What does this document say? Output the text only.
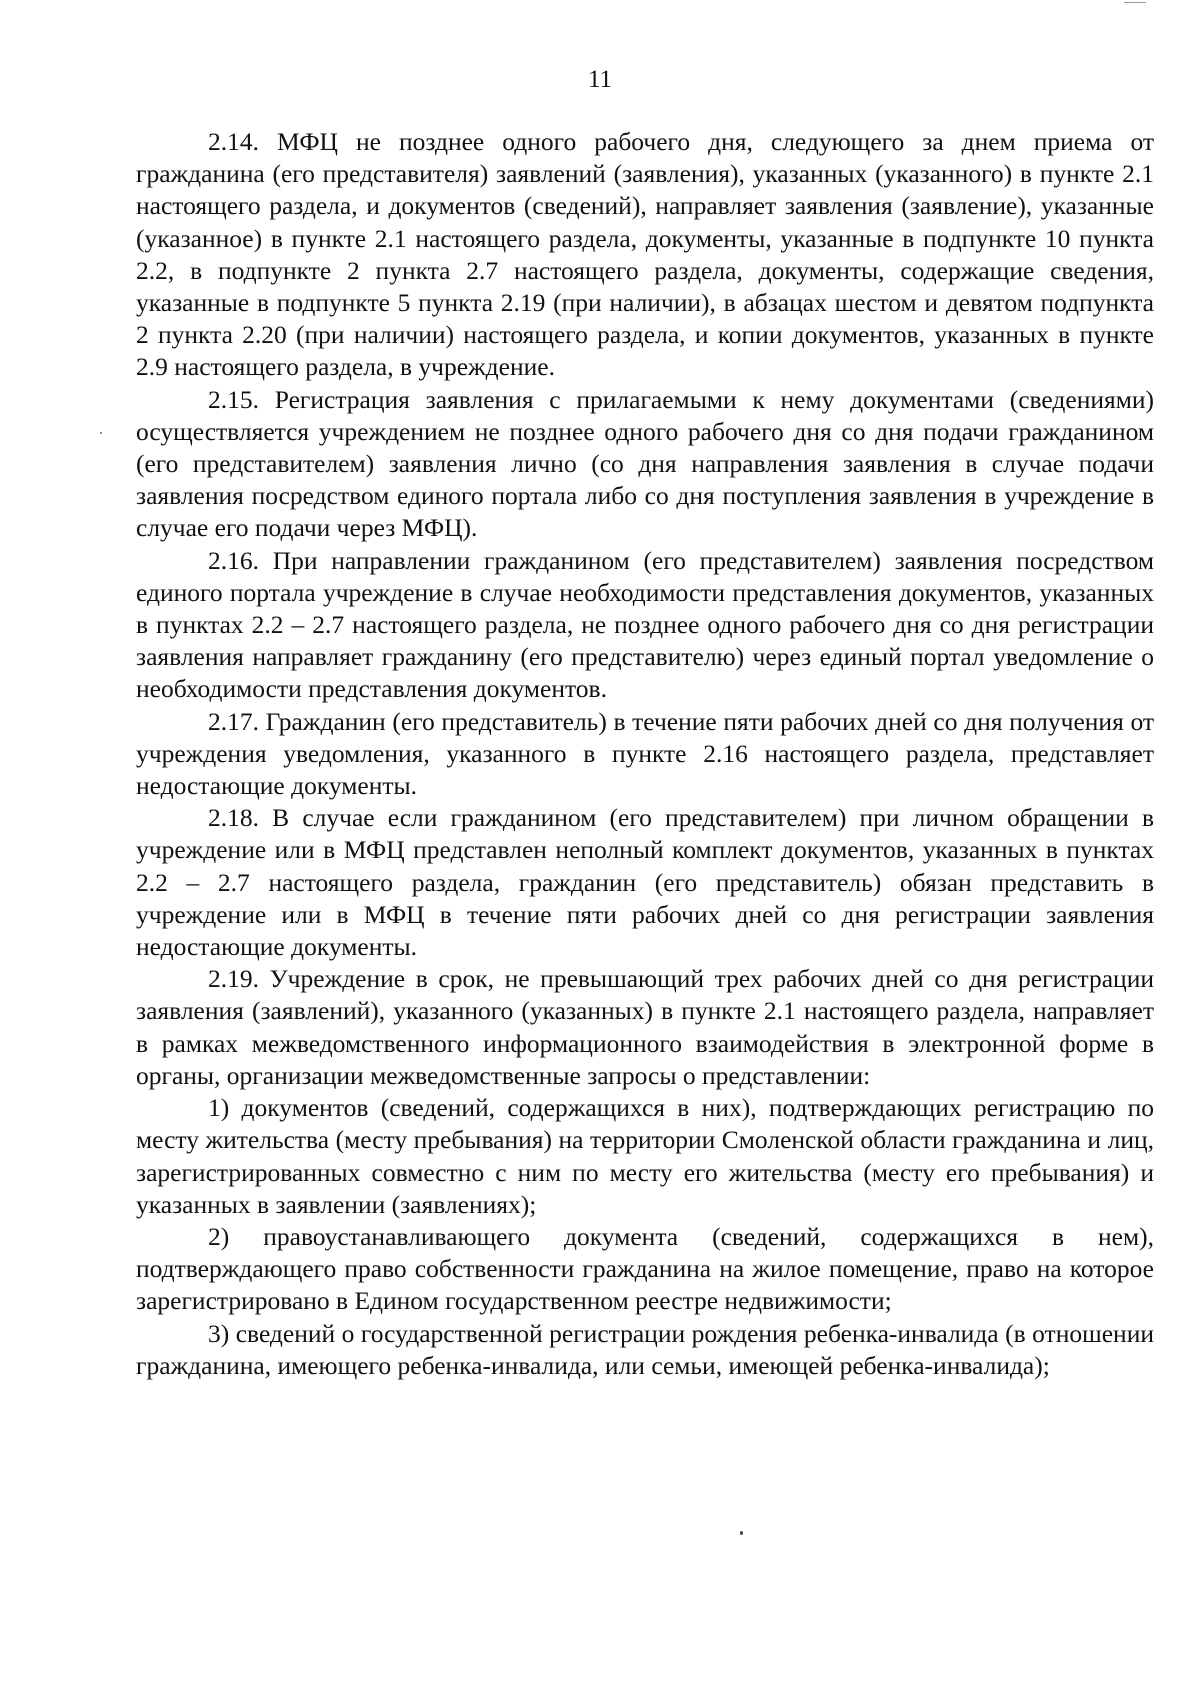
11

2.14. МФЦ не позднее одного рабочего дня, следующего за днем приема от гражданина (его представителя) заявлений (заявления), указанных (указанного) в пункте 2.1 настоящего раздела, и документов (сведений), направляет заявления (заявление), указанные (указанное) в пункте 2.1 настоящего раздела, документы, указанные в подпункте 10 пункта 2.2, в подпункте 2 пункта 2.7 настоящего раздела, документы, содержащие сведения, указанные в подпункте 5 пункта 2.19 (при наличии), в абзацах шестом и девятом подпункта 2 пункта 2.20 (при наличии) настоящего раздела, и копии документов, указанных в пункте 2.9 настоящего раздела, в учреждение.

2.15. Регистрация заявления с прилагаемыми к нему документами (сведениями) осуществляется учреждением не позднее одного рабочего дня со дня подачи гражданином (его представителем) заявления лично (со дня направления заявления в случае подачи заявления посредством единого портала либо со дня поступления заявления в учреждение в случае его подачи через МФЦ).

2.16. При направлении гражданином (его представителем) заявления посредством единого портала учреждение в случае необходимости представления документов, указанных в пунктах 2.2 – 2.7 настоящего раздела, не позднее одного рабочего дня со дня регистрации заявления направляет гражданину (его представителю) через единый портал уведомление о необходимости представления документов.

2.17. Гражданин (его представитель) в течение пяти рабочих дней со дня получения от учреждения уведомления, указанного в пункте 2.16 настоящего раздела, представляет недостающие документы.

2.18. В случае если гражданином (его представителем) при личном обращении в учреждение или в МФЦ представлен неполный комплект документов, указанных в пунктах 2.2 – 2.7 настоящего раздела, гражданин (его представитель) обязан представить в учреждение или в МФЦ в течение пяти рабочих дней со дня регистрации заявления недостающие документы.

2.19. Учреждение в срок, не превышающий трех рабочих дней со дня регистрации заявления (заявлений), указанного (указанных) в пункте 2.1 настоящего раздела, направляет в рамках межведомственного информационного взаимодействия в электронной форме в органы, организации межведомственные запросы о представлении:

1) документов (сведений, содержащихся в них), подтверждающих регистрацию по месту жительства (месту пребывания) на территории Смоленской области гражданина и лиц, зарегистрированных совместно с ним по месту его жительства (месту его пребывания) и указанных в заявлении (заявлениях);

2) правоустанавливающего документа (сведений, содержащихся в нем), подтверждающего право собственности гражданина на жилое помещение, право на которое зарегистрировано в Едином государственном реестре недвижимости;

3) сведений о государственной регистрации рождения ребенка-инвалида (в отношении гражданина, имеющего ребенка-инвалида, или семьи, имеющей ребенка-инвалида);
